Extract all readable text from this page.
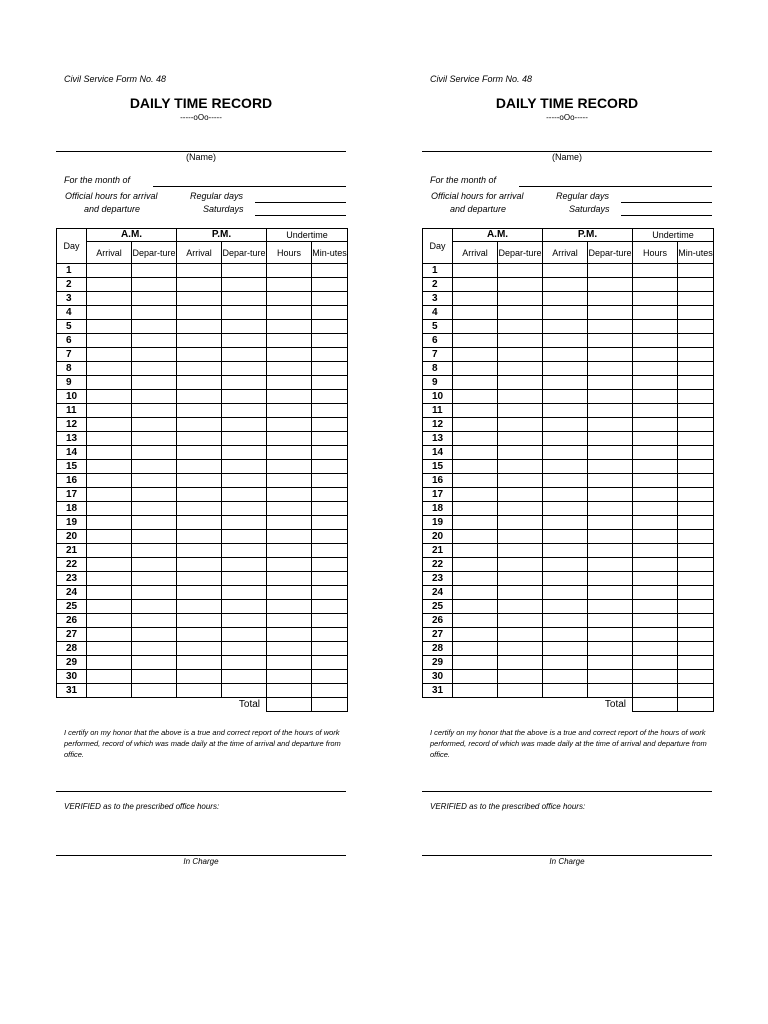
Civil Service Form No. 48
DAILY TIME RECORD
-----oOo-----
(Name)
For the month of
Official hours for arrival
and departure
Regular days
Saturdays
Day	A.M.		P.M.		Undertime	
	Arrival	Depar-ture	Arrival	Depar-ture	Hours	Min-utes
1						
2						
3						
4						
5						
6						
7						
8						
9						
10						
11						
12						
13						
14						
15						
16						
17						
18						
19						
20						
21						
22						
23						
24						
25						
26						
27						
28						
29						
30						
31						
				Total		
I certify on my honor that the above is a true and correct report of the hours of work performed, record of which was made daily at the time of arrival and departure from office.
VERIFIED as to the prescribed office hours:
In Charge
Civil Service Form No. 48
DAILY TIME RECORD
-----oOo-----
(Name)
For the month of
Official hours for arrival
and departure
Regular days
Saturdays
Day	A.M.		P.M.		Undertime	
	Arrival	Depar-ture	Arrival	Depar-ture	Hours	Min-utes
1						
2						
3						
4						
5						
6						
7						
8						
9						
10						
11						
12						
13						
14						
15						
16						
17						
18						
19						
20						
21						
22						
23						
24						
25						
26						
27						
28						
29						
30						
31						
				Total		
I certify on my honor that the above is a true and correct report of the hours of work performed, record of which was made daily at the time of arrival and departure from office.
VERIFIED as to the prescribed office hours:
In Charge
